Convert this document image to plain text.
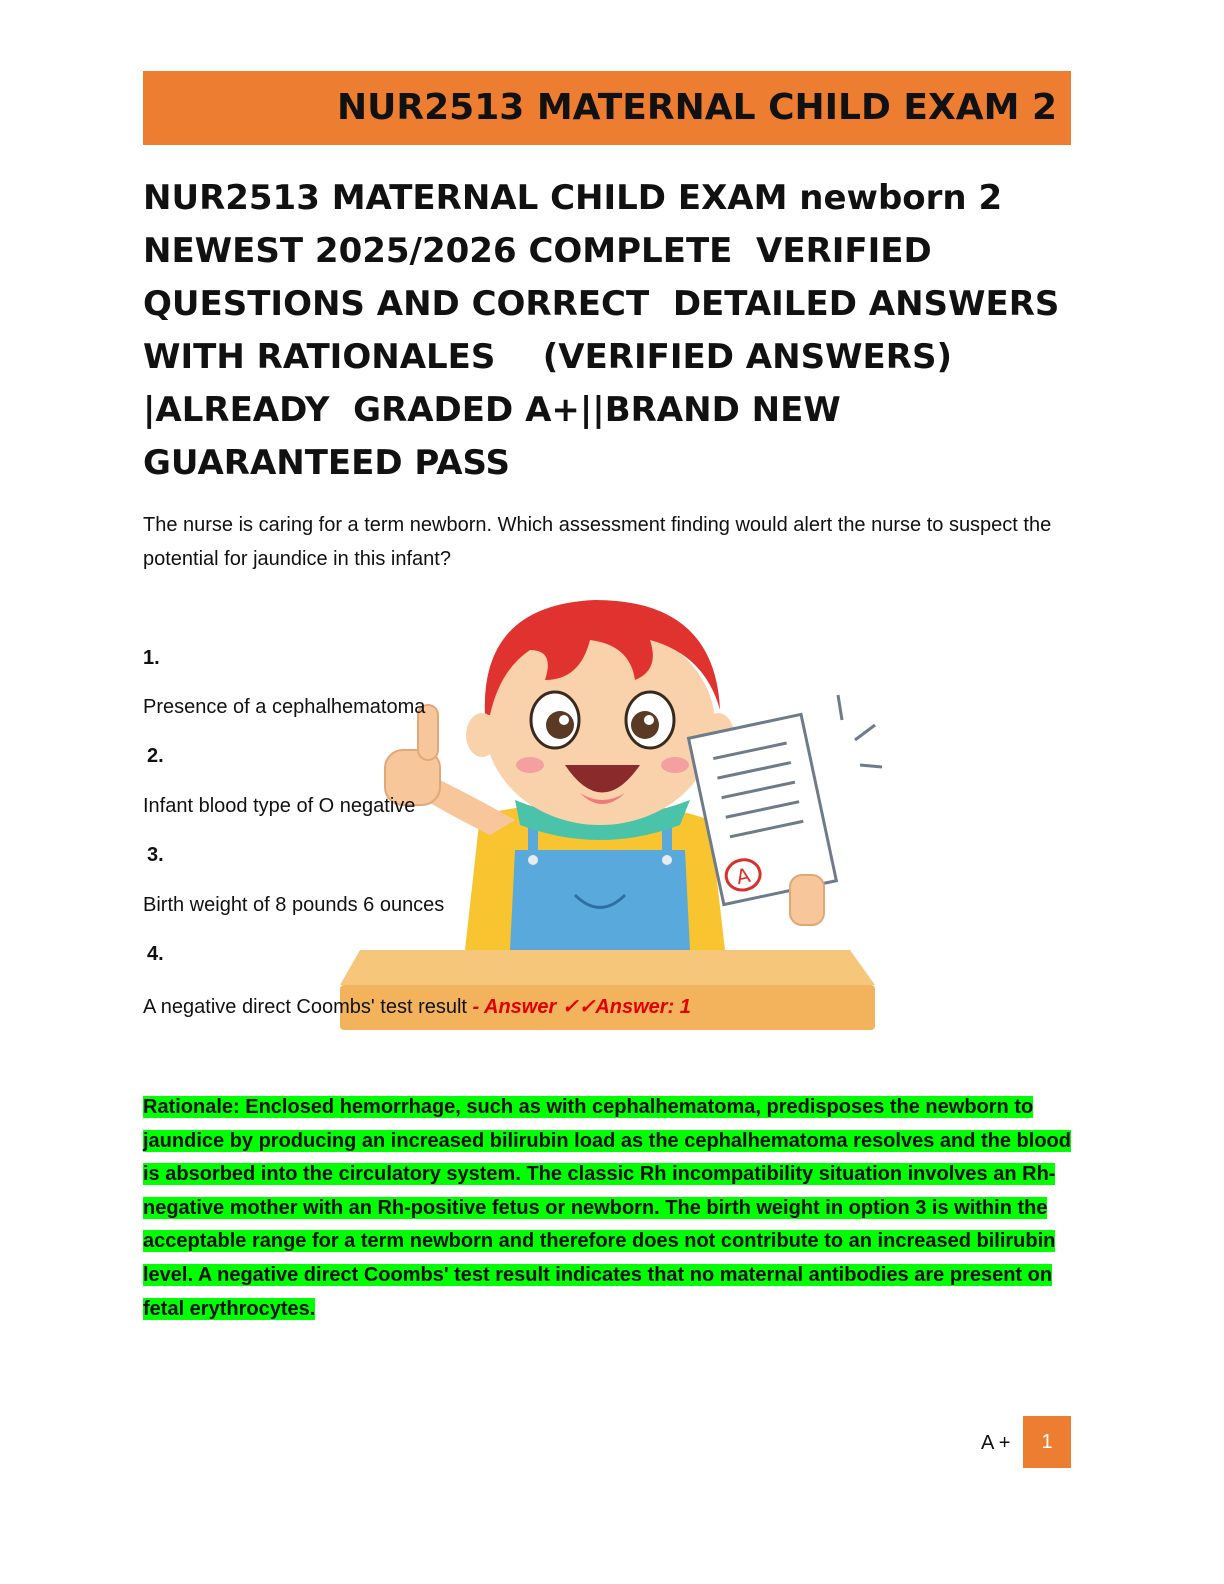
NUR2513 MATERNAL CHILD EXAM 2
NUR2513 MATERNAL CHILD EXAM newborn 2
NEWEST 2025/2026 COMPLETE  VERIFIED
QUESTIONS AND CORRECT  DETAILED ANSWERS
WITH RATIONALES    (VERIFIED ANSWERS)
|ALREADY  GRADED A+||BRAND NEW
GUARANTEED PASS

The nurse is caring for a term newborn. Which assessment finding would alert the nurse to suspect the potential for jaundice in this infant?

A

1.

Presence of a cephalhematoma

2.

Infant blood type of O negative

3.

Birth weight of 8 pounds 6 ounces

4.

A negative direct Coombs' test result - Answer ✓✓Answer: 1

Rationale: Enclosed hemorrhage, such as with cephalhematoma, predisposes the newborn to jaundice by producing an increased bilirubin load as the cephalhematoma resolves and the blood is absorbed into the circulatory system. The classic Rh incompatibility situation involves an Rh-negative mother with an Rh-positive fetus or newborn. The birth weight in option 3 is within the acceptable range for a term newborn and therefore does not contribute to an increased bilirubin level. A negative direct Coombs' test result indicates that no maternal antibodies are present on fetal erythrocytes.

A +	1
